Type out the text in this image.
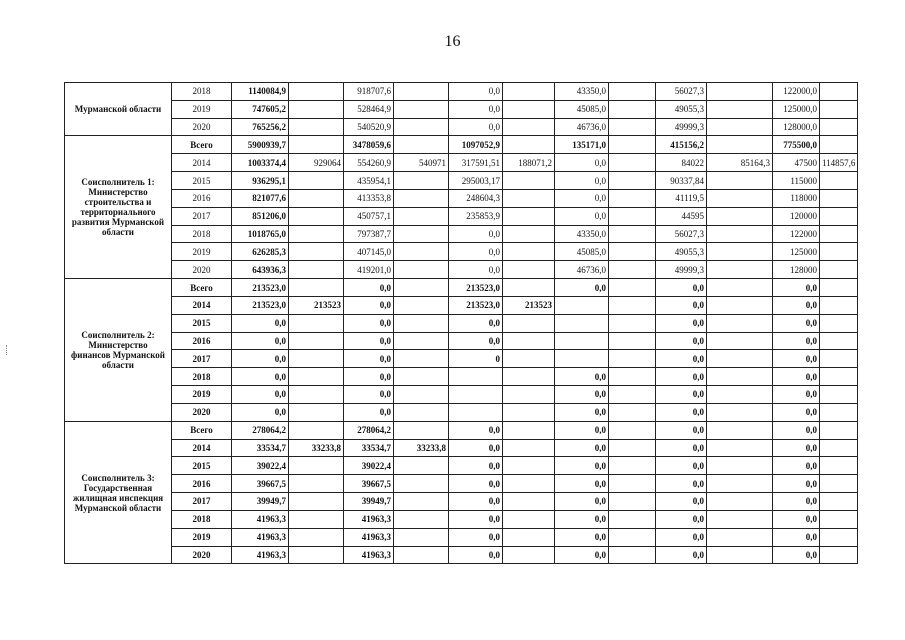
16
Мурманской области	2018	1140084,9		918707,6		0,0		43350,0		56027,3		122000,0	
	2019	747605,2		528464,9		0,0		45085,0		49055,3		125000,0	
	2020	765256,2		540520,9		0,0		46736,0		49999,3		128000,0	
Соисполнитель 1: Министерство строительства и территориального развития Мурманской области	Всего	5900939,7		3478059,6		1097052,9		135171,0		415156,2		775500,0	
	2014	1003374,4	929064	554260,9	540971	317591,51	188071,2	0,0		84022	85164,3	47500	114857,6
	2015	936295,1		435954,1		295003,17		0,0		90337,84		115000	
	2016	821077,6		413353,8		248604,3		0,0		41119,5		118000	
	2017	851206,0		450757,1		235853,9		0,0		44595		120000	
	2018	1018765,0		797387,7		0,0		43350,0		56027,3		122000	
	2019	626285,3		407145,0		0,0		45085,0		49055,3		125000	
	2020	643936,3		419201,0		0,0		46736,0		49999,3		128000	
Соисполнитель 2: Министерство финансов Мурманской области	Всего	213523,0		0,0		213523,0		0,0		0,0		0,0	
	2014	213523,0	213523	0,0		213523,0	213523			0,0		0,0	
	2015	0,0		0,0		0,0				0,0		0,0	
	2016	0,0		0,0		0,0				0,0		0,0	
	2017	0,0		0,0		0				0,0		0,0	
	2018	0,0		0,0				0,0		0,0		0,0	
	2019	0,0		0,0				0,0		0,0		0,0	
	2020	0,0		0,0				0,0		0,0		0,0	
Соисполнитель 3: Государственная жилищная инспекция Мурманской области	Всего	278064,2		278064,2		0,0		0,0		0,0		0,0	
	2014	33534,7	33233,8	33534,7	33233,8	0,0		0,0		0,0		0,0	
	2015	39022,4		39022,4		0,0		0,0		0,0		0,0	
	2016	39667,5		39667,5		0,0		0,0		0,0		0,0	
	2017	39949,7		39949,7		0,0		0,0		0,0		0,0	
	2018	41963,3		41963,3		0,0		0,0		0,0		0,0	
	2019	41963,3		41963,3		0,0		0,0		0,0		0,0	
	2020	41963,3		41963,3		0,0		0,0		0,0		0,0	
